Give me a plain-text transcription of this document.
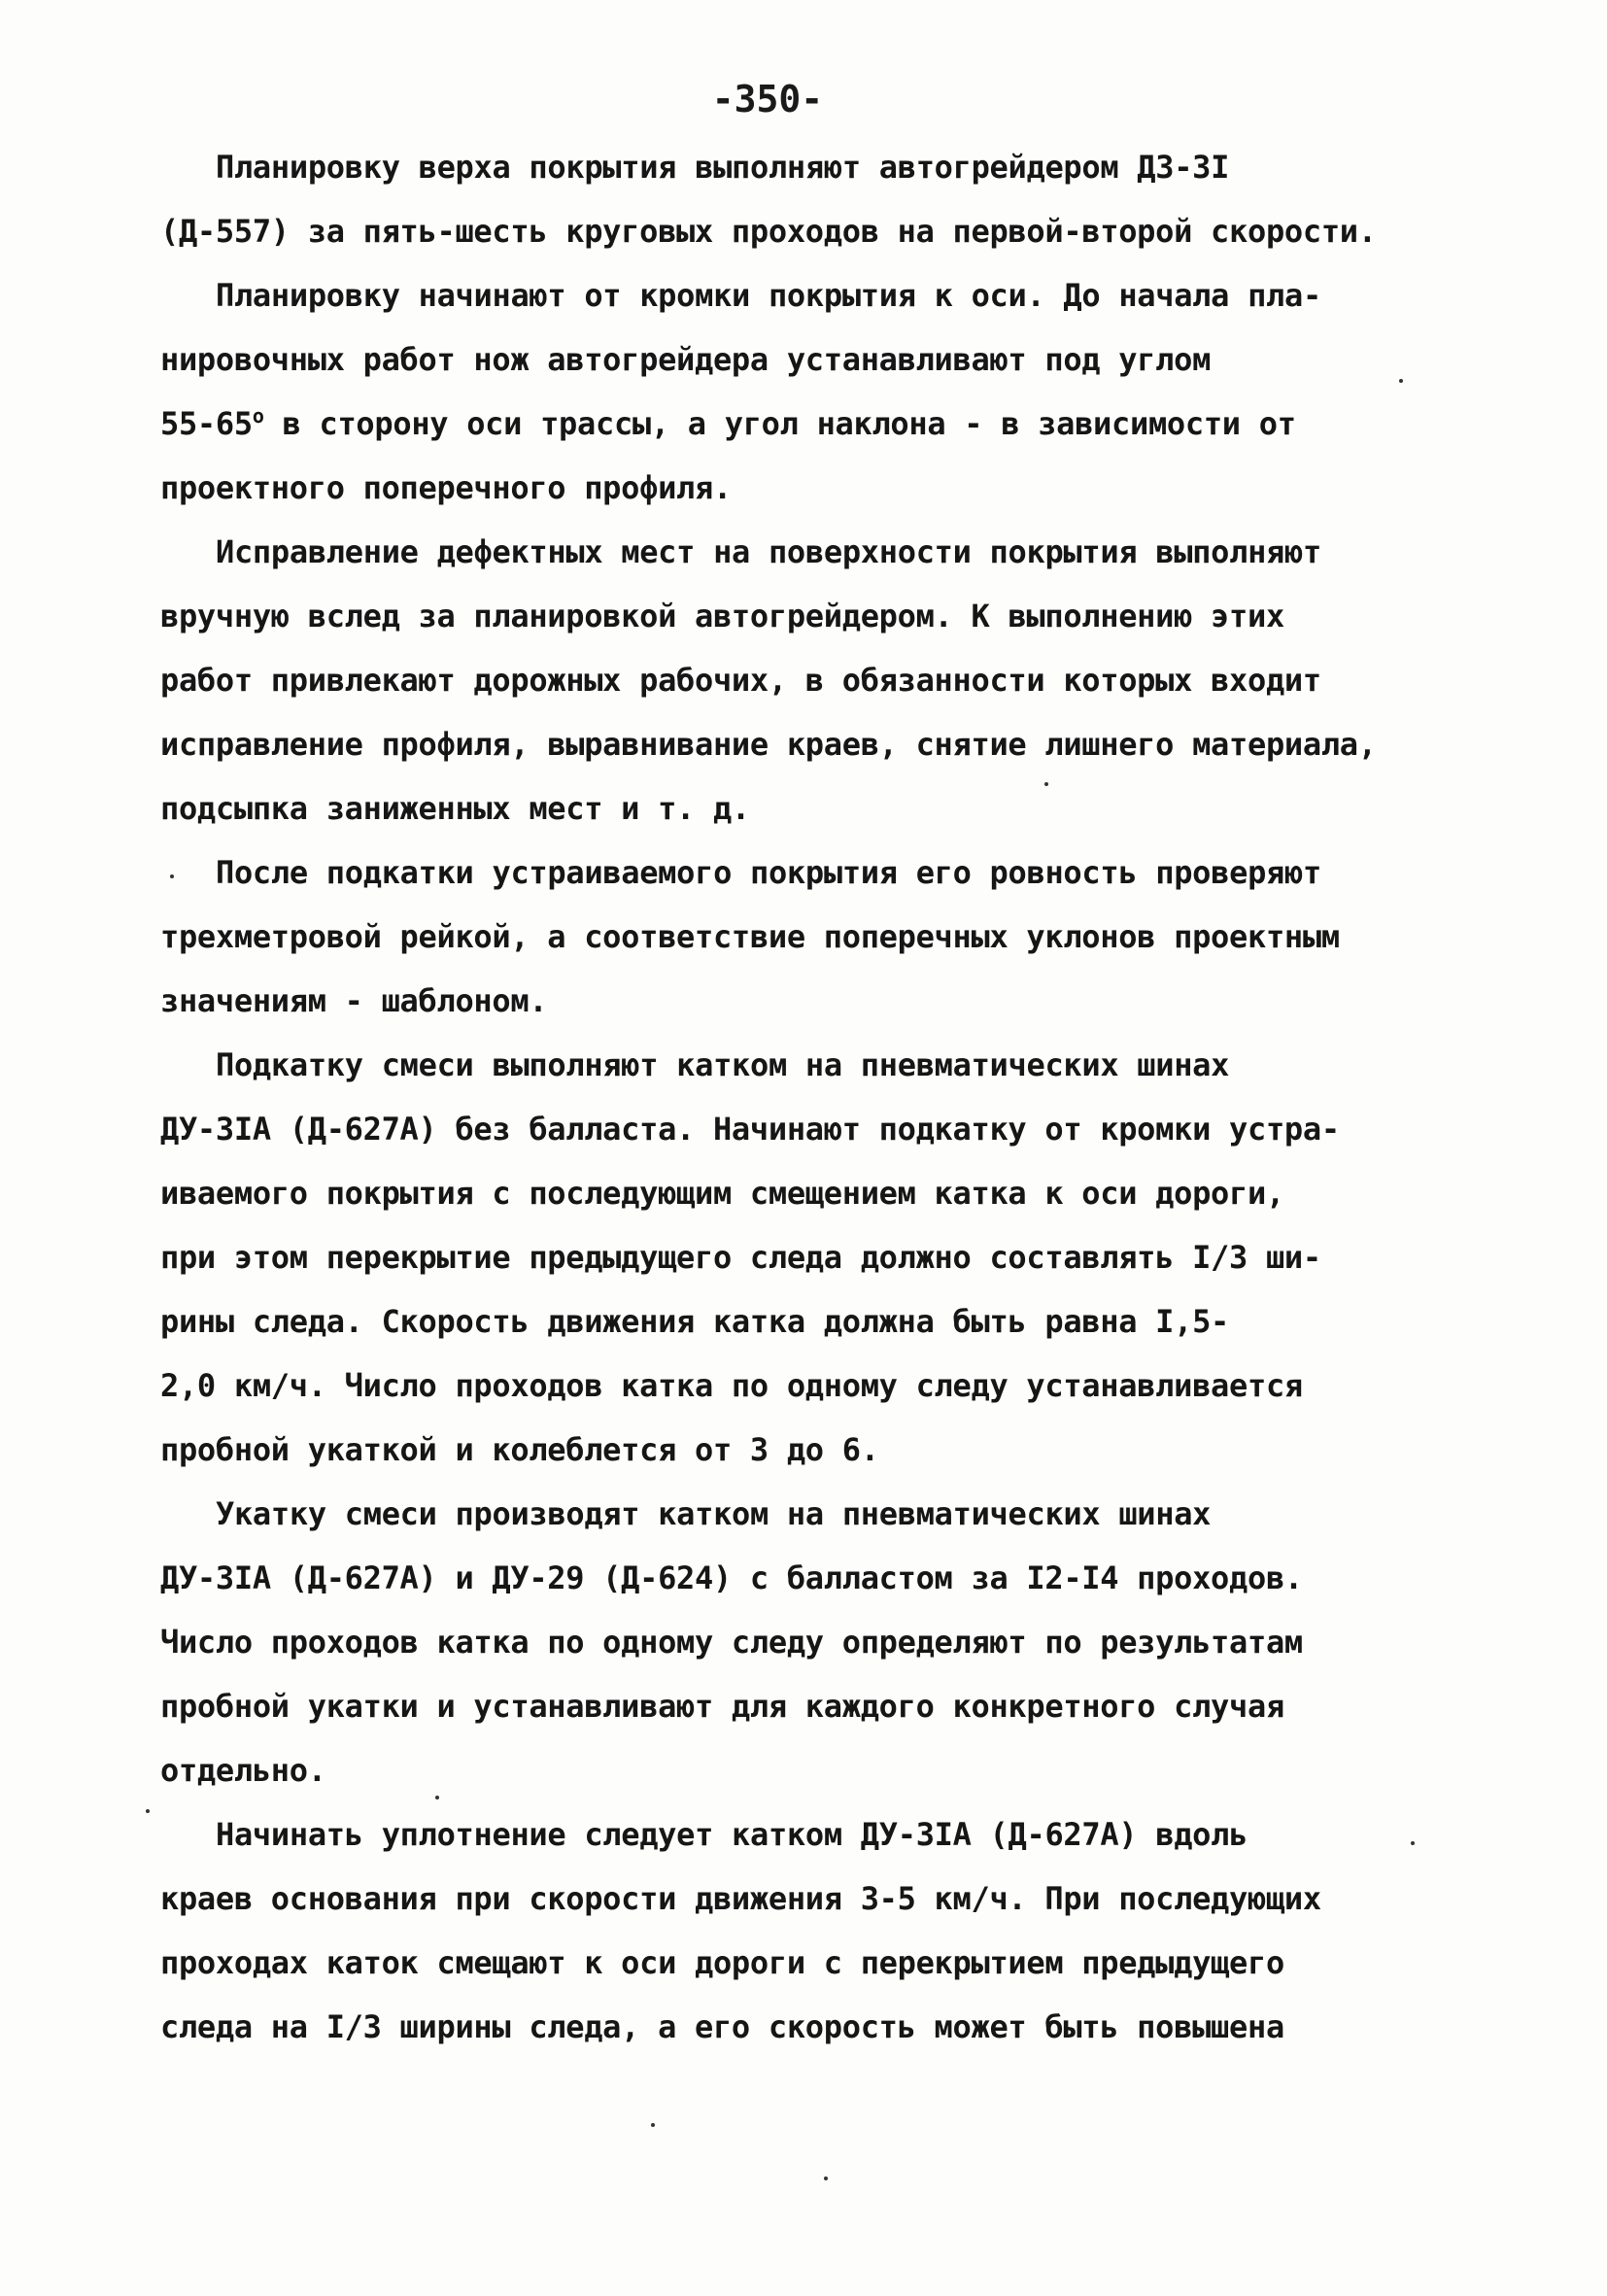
-350-
Планировку верха покрытия выполняют автогрейдером ДЗ-3I
(Д-557) за пять-шесть круговых проходов на первой-второй скорости.
Планировку начинают от кромки покрытия к оси. До начала пла-
нировочных работ нож автогрейдера устанавливают под углом
55-65$^o$ в сторону оси трассы, а угол наклона - в зависимости от
проектного поперечного профиля.
Исправление дефектных мест на поверхности покрытия выполняют
вручную вслед за планировкой автогрейдером. К выполнению этих
работ привлекают дорожных рабочих, в обязанности которых входит
исправление профиля, выравнивание краев, снятие лишнего материала,
подсыпка заниженных мест и т. д.
После подкатки устраиваемого покрытия его ровность проверяют
трехметровой рейкой, а соответствие поперечных уклонов проектным
значениям - шаблоном.
Подкатку смеси выполняют катком на пневматических шинах
ДУ-3IА (Д-627А) без балласта. Начинают подкатку от кромки устра-
иваемого покрытия с последующим смещением катка к оси дороги,
при этом перекрытие предыдущего следа должно составлять I/3 ши-
рины следа. Скорость движения катка должна быть равна I,5-
2,0 км/ч. Число проходов катка по одному следу устанавливается
пробной укаткой и колеблется от 3 до 6.
Укатку смеси производят катком на пневматических шинах
ДУ-3IА (Д-627А) и ДУ-29 (Д-624) с балластом за I2-I4 проходов.
Число проходов катка по одному следу определяют по результатам
пробной укатки и устанавливают для каждого конкретного случая
отдельно.
Начинать уплотнение следует катком ДУ-3IА (Д-627А) вдоль
краев основания при скорости движения 3-5 км/ч. При последующих
проходах каток смещают к оси дороги с перекрытием предыдущего
следа на I/3 ширины следа, а его скорость может быть повышена
